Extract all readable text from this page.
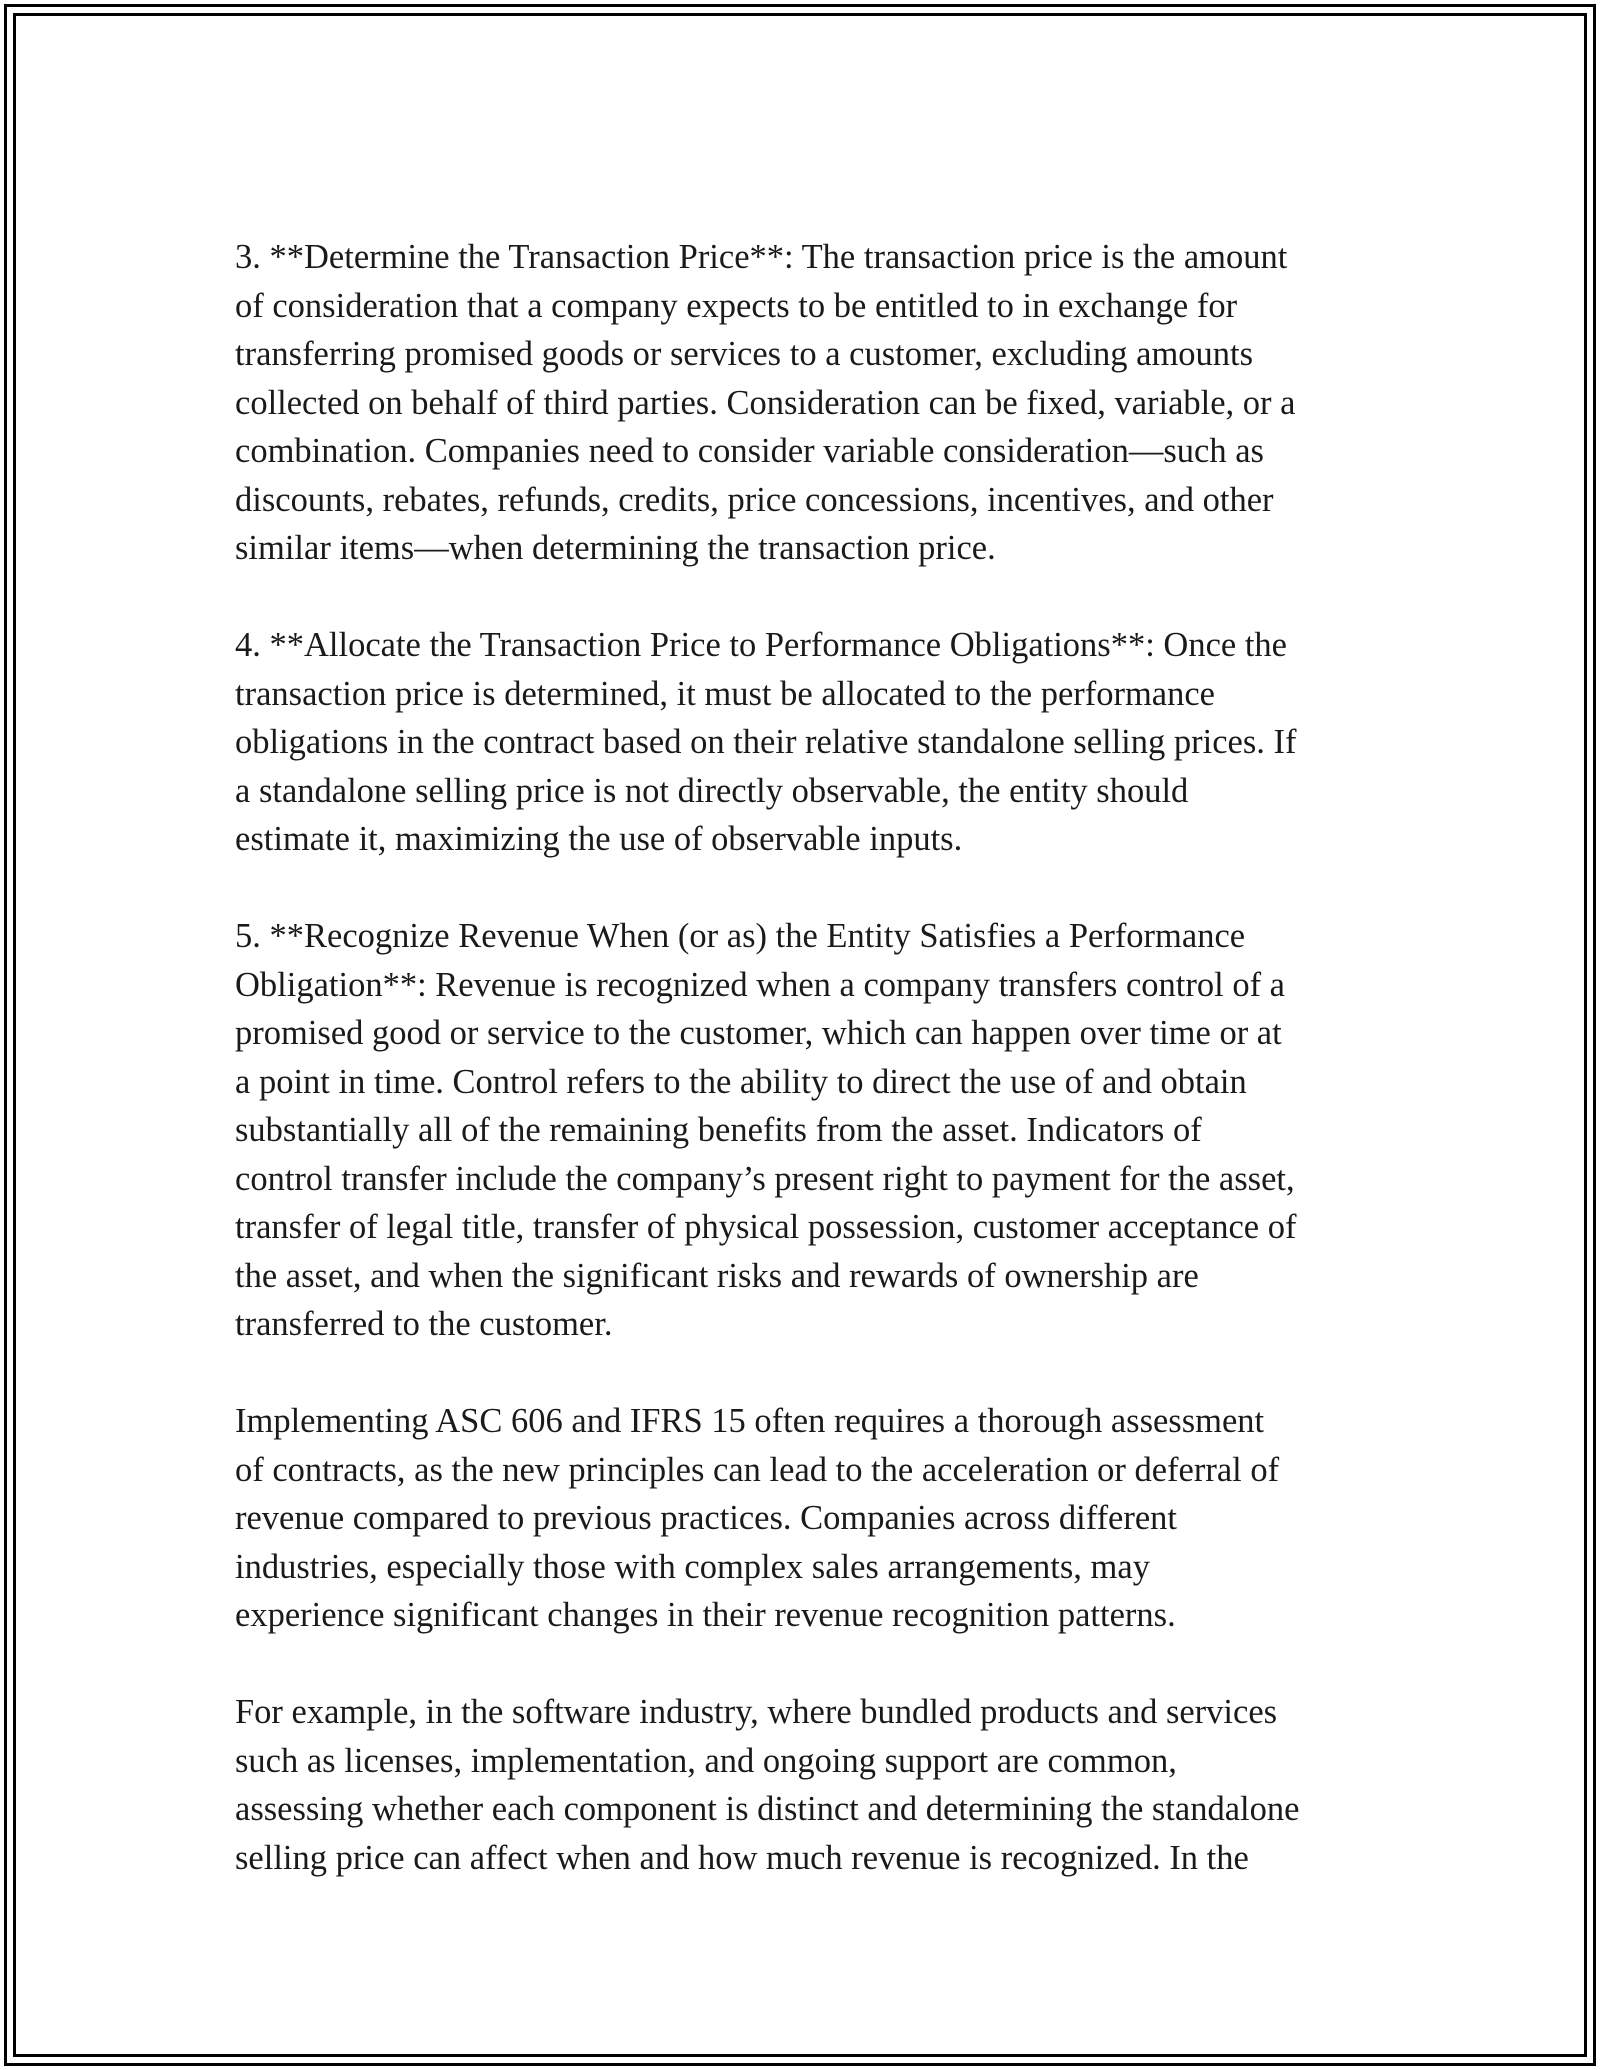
3. **Determine the Transaction Price**: The transaction price is the amount
of consideration that a company expects to be entitled to in exchange for
transferring promised goods or services to a customer, excluding amounts
collected on behalf of third parties. Consideration can be fixed, variable, or a
combination. Companies need to consider variable consideration—such as
discounts, rebates, refunds, credits, price concessions, incentives, and other
similar items—when determining the transaction price.

4. **Allocate the Transaction Price to Performance Obligations**: Once the
transaction price is determined, it must be allocated to the performance
obligations in the contract based on their relative standalone selling prices. If
a standalone selling price is not directly observable, the entity should
estimate it, maximizing the use of observable inputs.

5. **Recognize Revenue When (or as) the Entity Satisfies a Performance
Obligation**: Revenue is recognized when a company transfers control of a
promised good or service to the customer, which can happen over time or at
a point in time. Control refers to the ability to direct the use of and obtain
substantially all of the remaining benefits from the asset. Indicators of
control transfer include the company’s present right to payment for the asset,
transfer of legal title, transfer of physical possession, customer acceptance of
the asset, and when the significant risks and rewards of ownership are
transferred to the customer.

Implementing ASC 606 and IFRS 15 often requires a thorough assessment
of contracts, as the new principles can lead to the acceleration or deferral of
revenue compared to previous practices. Companies across different
industries, especially those with complex sales arrangements, may
experience significant changes in their revenue recognition patterns.

For example, in the software industry, where bundled products and services
such as licenses, implementation, and ongoing support are common,
assessing whether each component is distinct and determining the standalone
selling price can affect when and how much revenue is recognized. In the
